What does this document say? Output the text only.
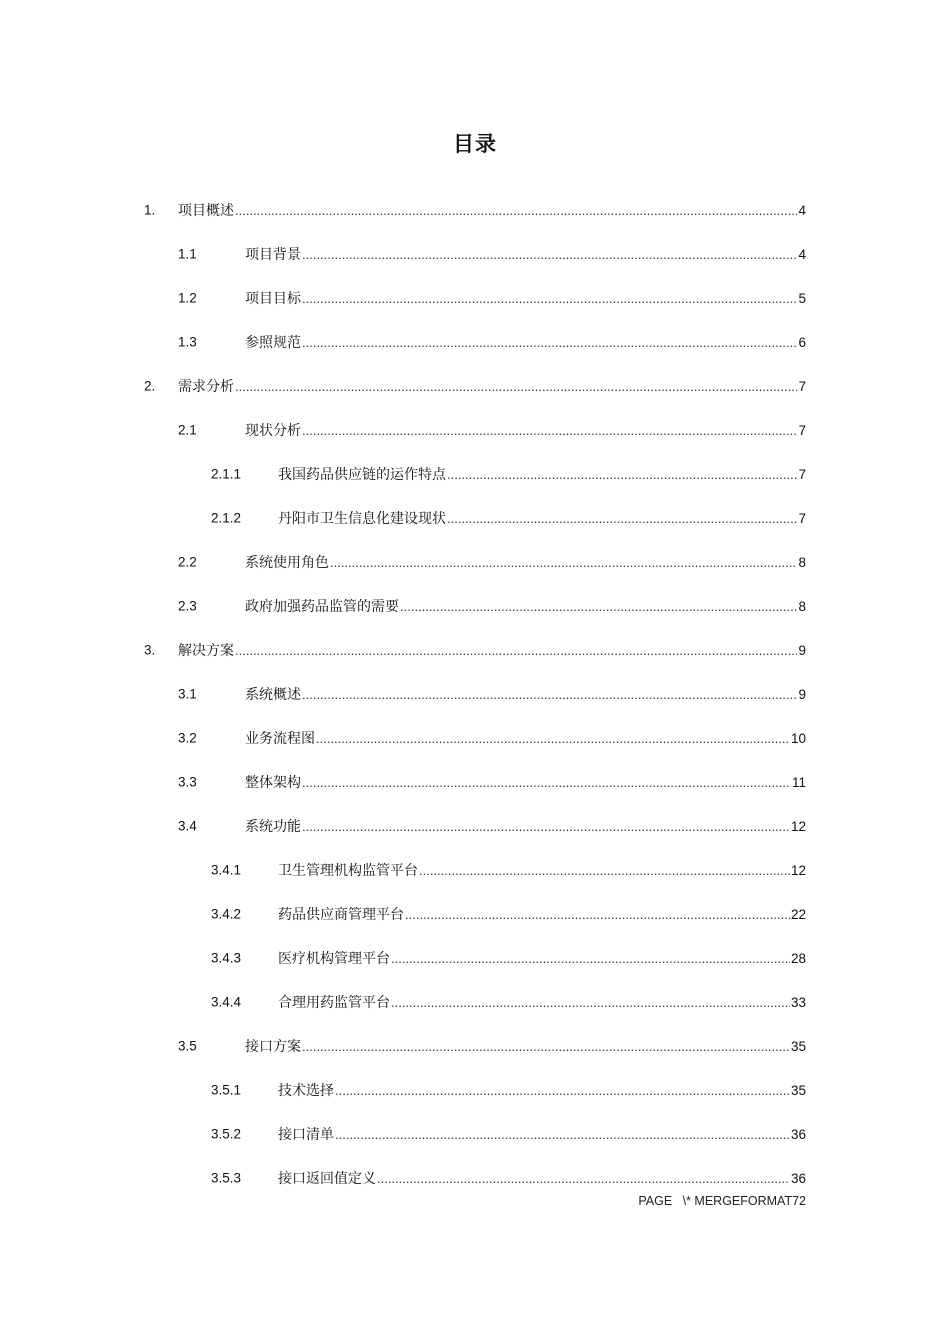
目录
1. 项目概述 .....	4
1.1	项目背景 .....	4
1.2	项目目标 .....	5
1.3	参照规范 .....	6
2. 需求分析 .....	7
2.1	现状分析 .....	7
2.1.1	我国药品供应链的运作特点 .....	7
2.1.2	丹阳市卫生信息化建设现状 .....	7
2.2	系统使用角色 .....	8
2.3	政府加强药品监管的需要 .....	8
3. 解决方案 .....	9
3.1	系统概述 .....	9
3.2	业务流程图 .....	10
3.3	整体架构 .....	11
3.4	系统功能 .....	12
3.4.1	卫生管理机构监管平台 .....	12
3.4.2	药品供应商管理平台 .....	22
3.4.3	医疗机构管理平台 .....	28
3.4.4	合理用药监管平台 .....	33
3.5	接口方案 .....	35
3.5.1	技术选择 .....	35
3.5.2	接口清单 .....	36
3.5.3	接口返回值定义 .....	36
PAGE   \* MERGEFORMAT72
